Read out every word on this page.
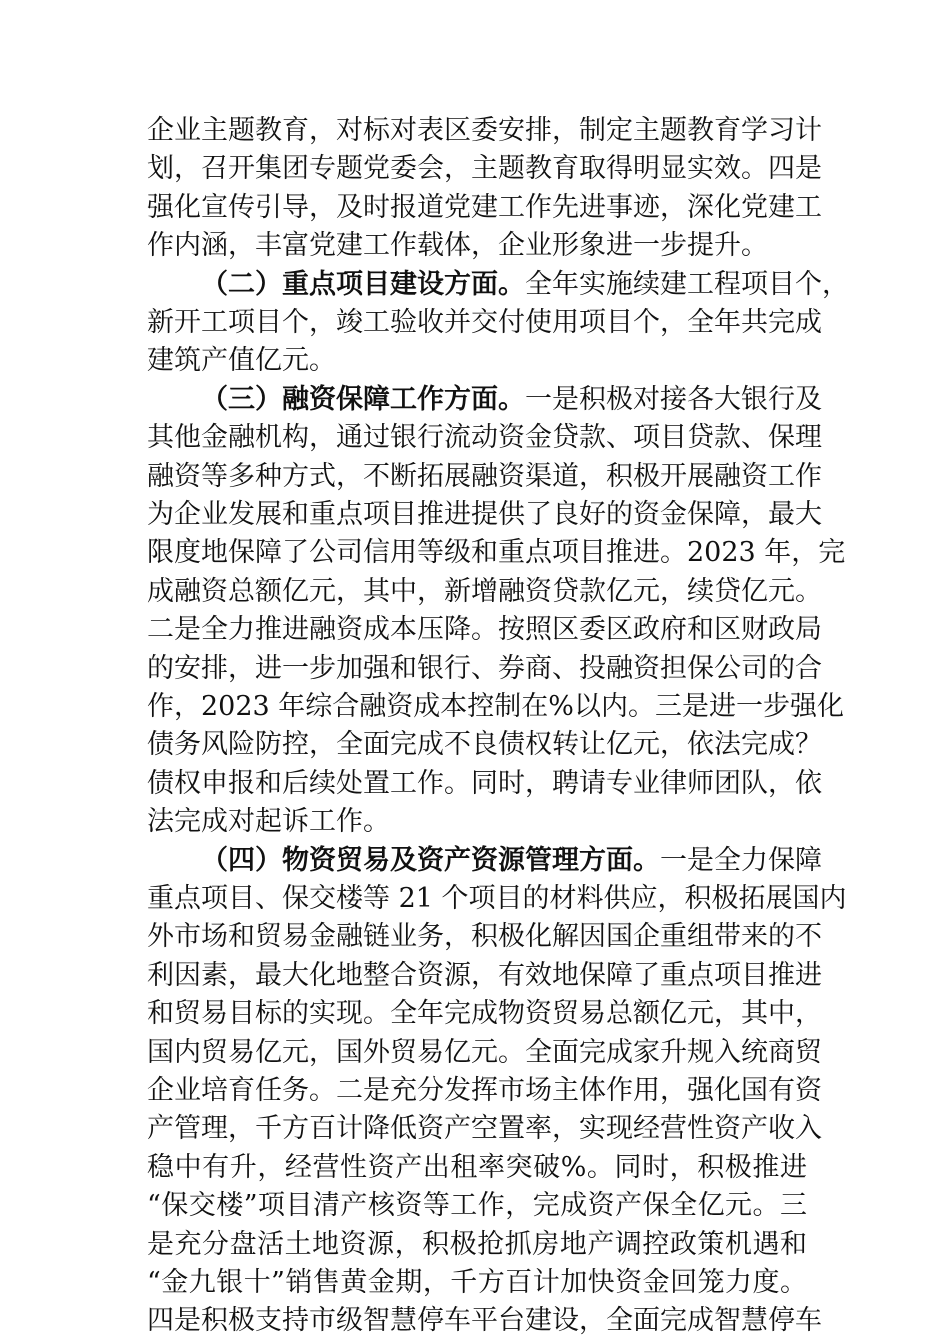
企业主题教育，对标对表区委安排，制定主题教育学习计
划，召开集团专题党委会，主题教育取得明显实效。四是
强化宣传引导，及时报道党建工作先进事迹，深化党建工
作内涵，丰富党建工作载体，企业形象进一步提升。
（二）重点项目建设方面。全年实施续建工程项目个，
新开工项目个，竣工验收并交付使用项目个，全年共完成
建筑产值亿元。
（三）融资保障工作方面。一是积极对接各大银行及
其他金融机构，通过银行流动资金贷款、项目贷款、保理
融资等多种方式，不断拓展融资渠道，积极开展融资工作
为企业发展和重点项目推进提供了良好的资金保障，最大
限度地保障了公司信用等级和重点项目推进。2023 年，完
成融资总额亿元，其中，新增融资贷款亿元，续贷亿元。
二是全力推进融资成本压降。按照区委区政府和区财政局
的安排，进一步加强和银行、券商、投融资担保公司的合
作，2023 年综合融资成本控制在%以内。三是进一步强化
债务风险防控，全面完成不良债权转让亿元，依法完成？
债权申报和后续处置工作。同时，聘请专业律师团队，依
法完成对起诉工作。
（四）物资贸易及资产资源管理方面。一是全力保障
重点项目、保交楼等 21 个项目的材料供应，积极拓展国内
外市场和贸易金融链业务，积极化解因国企重组带来的不
利因素，最大化地整合资源，有效地保障了重点项目推进
和贸易目标的实现。全年完成物资贸易总额亿元，其中，
国内贸易亿元，国外贸易亿元。全面完成家升规入统商贸
企业培育任务。二是充分发挥市场主体作用，强化国有资
产管理，千方百计降低资产空置率，实现经营性资产收入
稳中有升，经营性资产出租率突破%。同时，积极推进
“保交楼”项目清产核资等工作，完成资产保全亿元。三
是充分盘活土地资源，积极抢抓房地产调控政策机遇和
“金九银十”销售黄金期，千方百计加快资金回笼力度。
四是积极支持市级智慧停车平台建设，全面完成智慧停车
